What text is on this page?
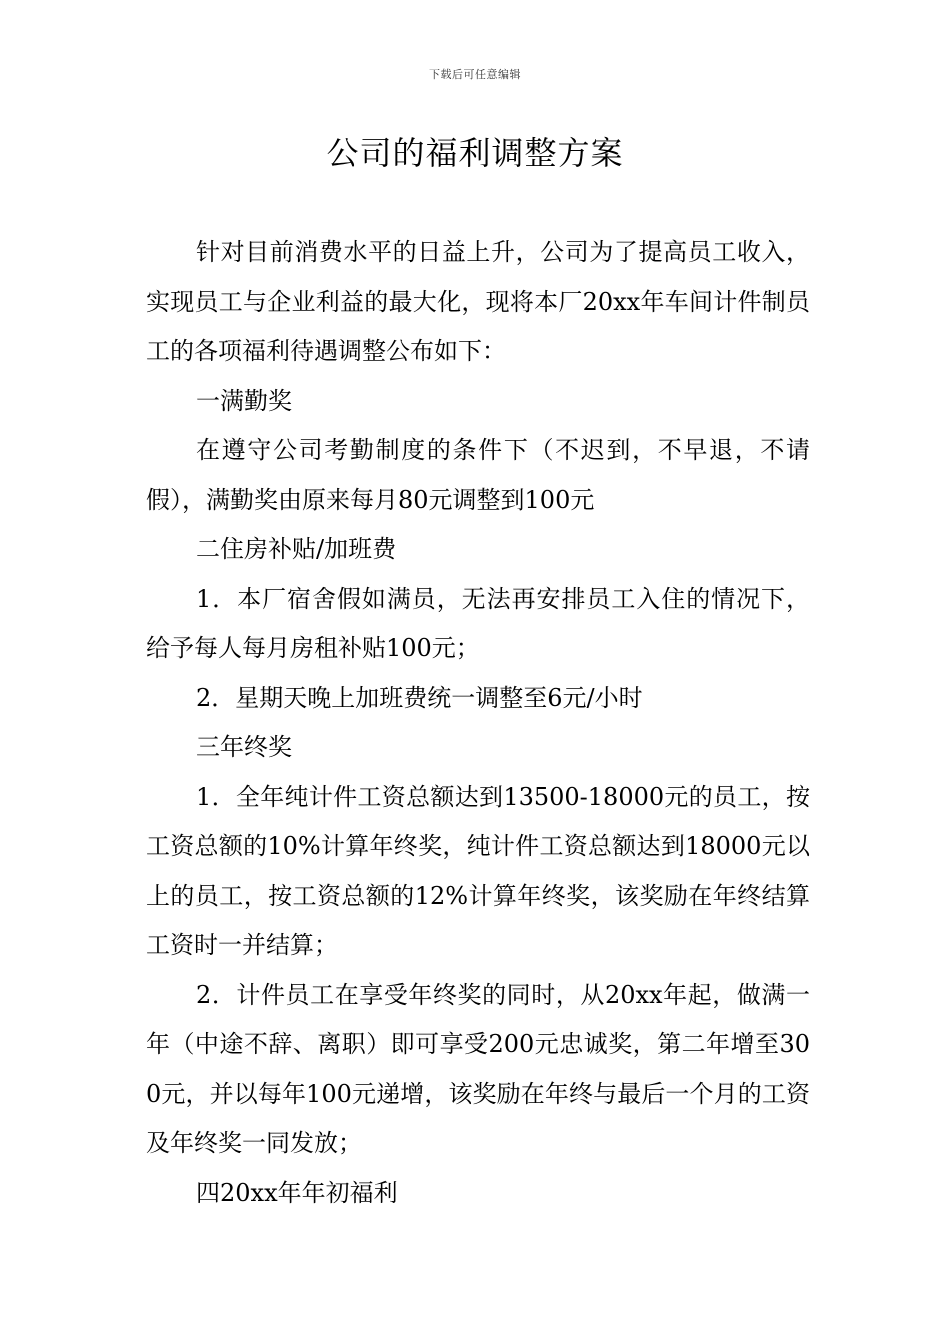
下载后可任意编辑
公司的福利调整方案

针对目前消费水平的日益上升，公司为了提高员工收入，实现员工与企业利益的最大化，现将本厂20xx年车间计件制员工的各项福利待遇调整公布如下：

一满勤奖

在遵守公司考勤制度的条件下（不迟到，不早退，不请假），满勤奖由原来每月80元调整到100元

二住房补贴/加班费

1．本厂宿舍假如满员，无法再安排员工入住的情况下，给予每人每月房租补贴100元；

2．星期天晚上加班费统一调整至6元/小时

三年终奖

1．全年纯计件工资总额达到13500-18000元的员工，按工资总额的10%计算年终奖，纯计件工资总额达到18000元以上的员工，按工资总额的12%计算年终奖，该奖励在年终结算工资时一并结算；

2．计件员工在享受年终奖的同时，从20xx年起，做满一年（中途不辞、离职）即可享受200元忠诚奖，第二年增至300元，并以每年100元递增，该奖励在年终与最后一个月的工资及年终奖一同发放；

四20xx年年初福利
